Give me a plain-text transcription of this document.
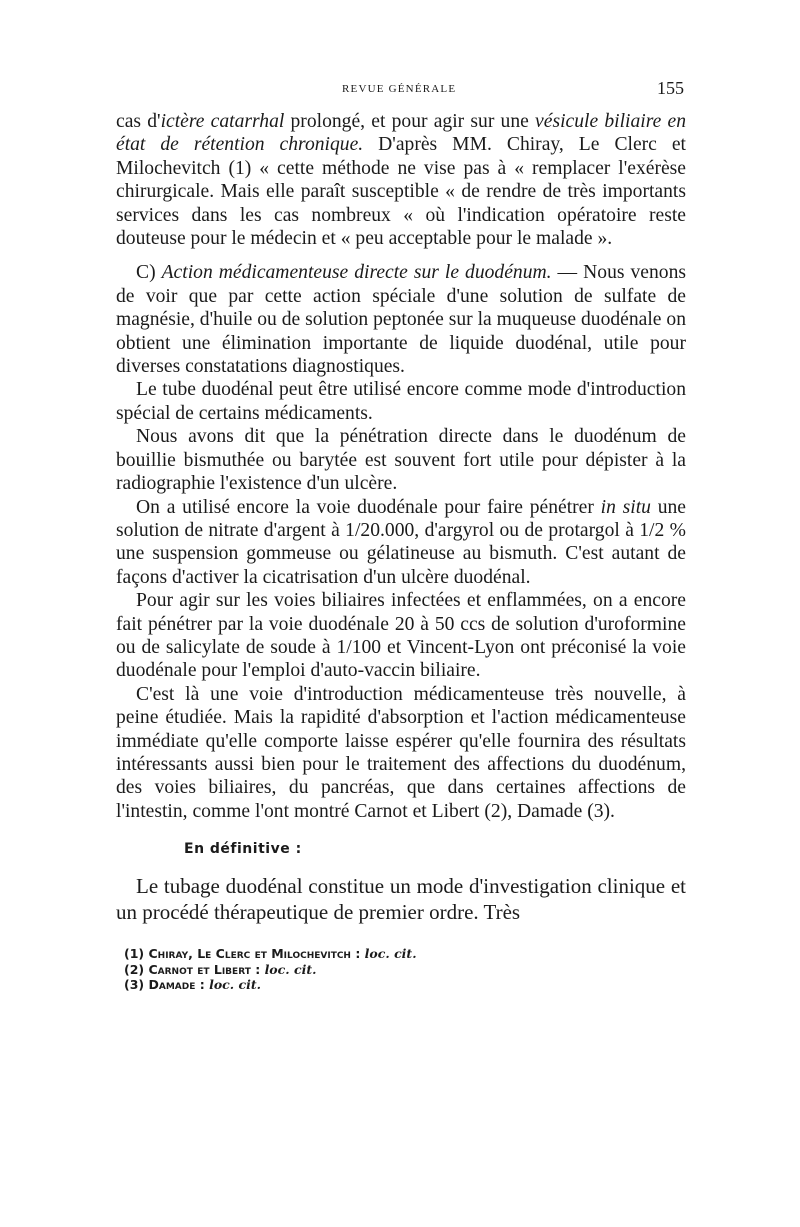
REVUE GÉNÉRALE	155

cas d'ictère catarrhal prolongé, et pour agir sur une vésicule biliaire en état de rétention chronique. D'après MM. Chiray, Le Clerc et Milochevitch (1) « cette méthode ne vise pas à « remplacer l'exérèse chirurgicale. Mais elle paraît susceptible « de rendre de très importants services dans les cas nombreux « où l'indication opératoire reste douteuse pour le médecin et « peu acceptable pour le malade ».

C) Action médicamenteuse directe sur le duodénum. — Nous venons de voir que par cette action spéciale d'une solution de sulfate de magnésie, d'huile ou de solution peptonée sur la muqueuse duodénale on obtient une élimination importante de liquide duodénal, utile pour diverses constatations diagnostiques.

Le tube duodénal peut être utilisé encore comme mode d'introduction spécial de certains médicaments.

Nous avons dit que la pénétration directe dans le duodénum de bouillie bismuthée ou barytée est souvent fort utile pour dépister à la radiographie l'existence d'un ulcère.

On a utilisé encore la voie duodénale pour faire pénétrer in situ une solution de nitrate d'argent à 1/20.000, d'argyrol ou de protargol à 1/2 % une suspension gommeuse ou gélatineuse au bismuth. C'est autant de façons d'activer la cicatrisation d'un ulcère duodénal.

Pour agir sur les voies biliaires infectées et enflammées, on a encore fait pénétrer par la voie duodénale 20 à 50 ccs de solution d'uroformine ou de salicylate de soude à 1/100 et Vincent-Lyon ont préconisé la voie duodénale pour l'emploi d'auto-vaccin biliaire.

C'est là une voie d'introduction médicamenteuse très nouvelle, à peine étudiée. Mais la rapidité d'absorption et l'action médicamenteuse immédiate qu'elle comporte laisse espérer qu'elle fournira des résultats intéressants aussi bien pour le traitement des affections du duodénum, des voies biliaires, du pancréas, que dans certaines affections de l'intestin, comme l'ont montré Carnot et Libert (2), Damade (3).

En définitive :

Le tubage duodénal constitue un mode d'investigation clinique et un procédé thérapeutique de premier ordre. Très

(1) Chiray, Le Clerc et Milochevitch : loc. cit.
(2) Carnot et Libert : loc. cit.
(3) Damade : loc. cit.
